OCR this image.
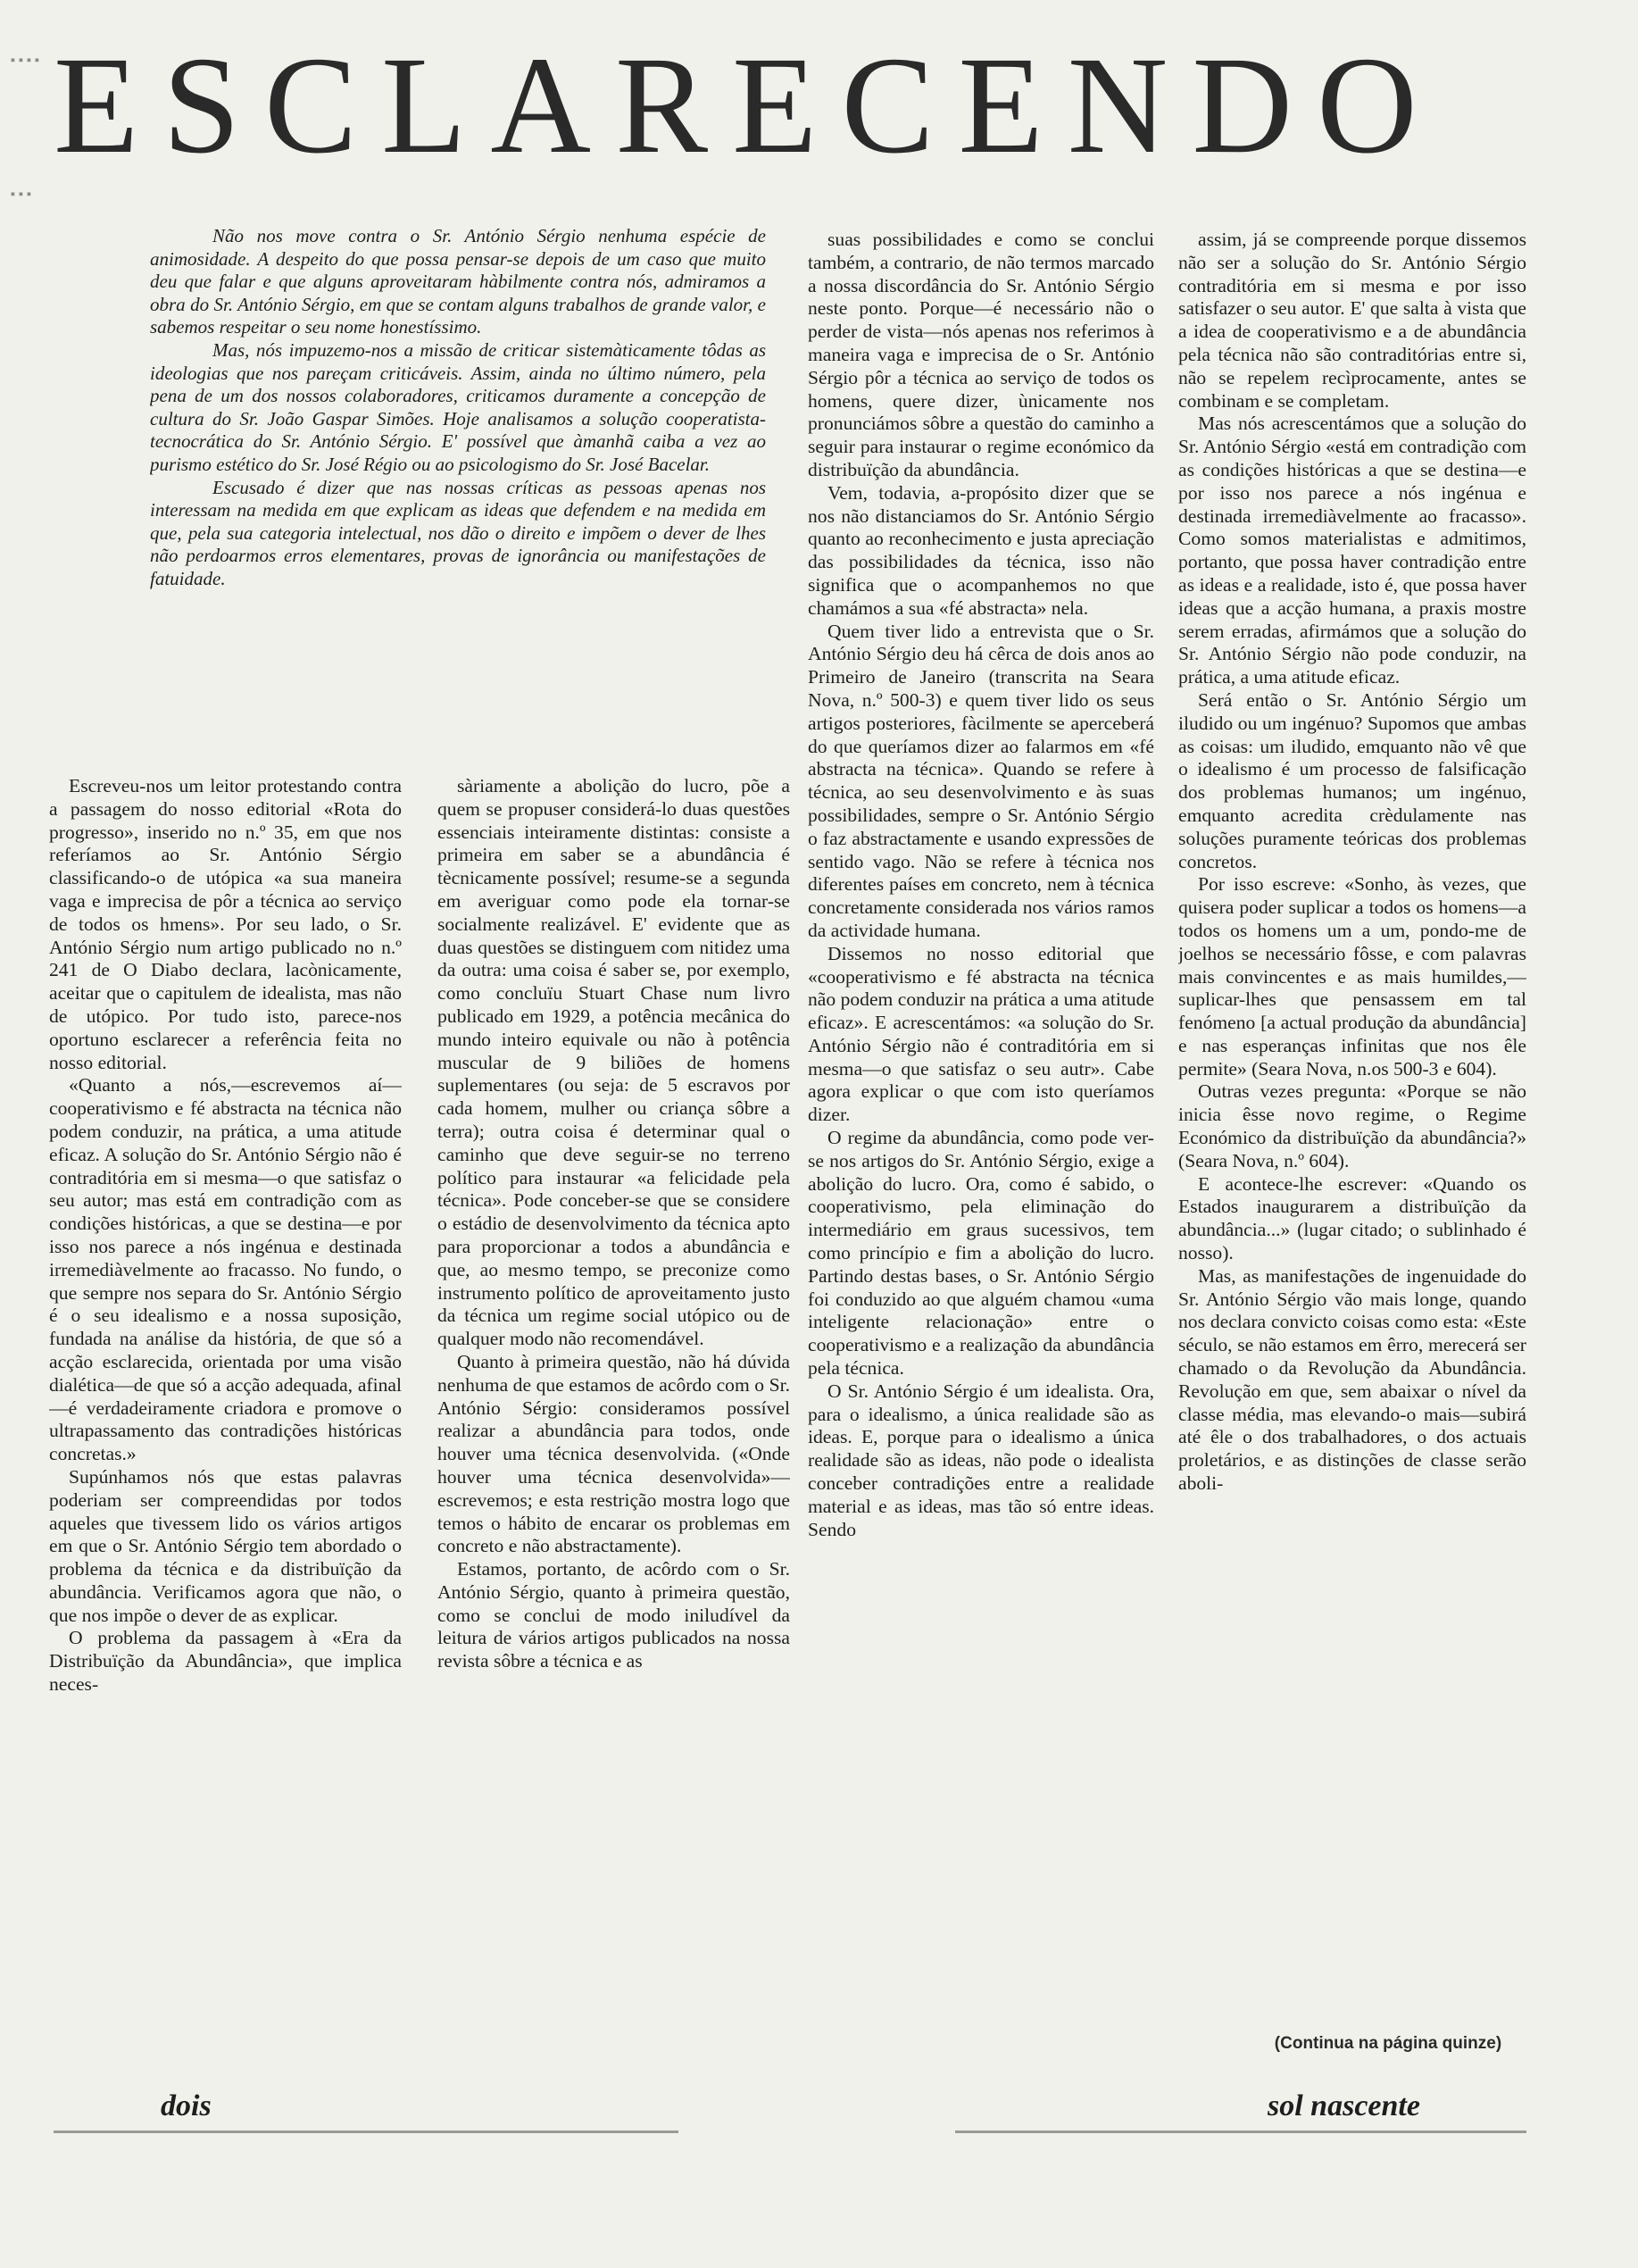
ESCLARECENDO
▪▪▪▪
▪▪▪

Não nos move contra o Sr. António Sérgio nenhuma espécie de animosidade. A despeito do que possa pensar-se depois de um caso que muito deu que falar e que alguns aproveitaram hàbilmente contra nós, admiramos a obra do Sr. António Sérgio, em que se contam alguns trabalhos de grande valor, e sabemos respeitar o seu nome honestíssimo.

Mas, nós impuzemo-nos a missão de criticar sistemàticamente tôdas as ideologias que nos pareçam criticáveis. Assim, ainda no último número, pela pena de um dos nossos colaboradores, criticamos duramente a concepção de cultura do Sr. João Gaspar Simões. Hoje analisamos a solução cooperatista-tecnocrática do Sr. António Sérgio. E' possível que àmanhã caiba a vez ao purismo estético do Sr. José Régio ou ao psicologismo do Sr. José Bacelar.

Escusado é dizer que nas nossas críticas as pessoas apenas nos interessam na medida em que explicam as ideas que defendem e na medida em que, pela sua categoria intelectual, nos dão o direito e impõem o dever de lhes não perdoarmos erros elementares, provas de ignorância ou manifestações de fatuidade.

Escreveu-nos um leitor protestando contra a passagem do nosso editorial «Rota do progresso», inserido no n.º 35, em que nos referíamos ao Sr. António Sérgio classificando-o de utópica «a sua maneira vaga e imprecisa de pôr a técnica ao serviço de todos os hmens». Por seu lado, o Sr. António Sérgio num artigo publicado no n.º 241 de O Diabo declara, lacònicamente, aceitar que o capitulem de idealista, mas não de utópico. Por tudo isto, parece-nos oportuno esclarecer a referência feita no nosso editorial.

«Quanto a nós,—escrevemos aí—cooperativismo e fé abstracta na técnica não podem conduzir, na prática, a uma atitude eficaz. A solução do Sr. António Sérgio não é contraditória em si mesma—o que satisfaz o seu autor; mas está em contradição com as condições históricas, a que se destina—e por isso nos parece a nós ingénua e destinada irremediàvelmente ao fracasso. No fundo, o que sempre nos separa do Sr. António Sérgio é o seu idealismo e a nossa suposição, fundada na análise da história, de que só a acção esclarecida, orientada por uma visão dialética—de que só a acção adequada, afinal—é verdadeiramente criadora e promove o ultrapassamento das contradições históricas concretas.»

Supúnhamos nós que estas palavras poderiam ser compreendidas por todos aqueles que tivessem lido os vários artigos em que o Sr. António Sérgio tem abordado o problema da técnica e da distribuïção da abundância. Verificamos agora que não, o que nos impõe o dever de as explicar.

O problema da passagem à «Era da Distribuïção da Abundância», que implica neces-

sàriamente a abolição do lucro, põe a quem se propuser considerá-lo duas questões essenciais inteiramente distintas: consiste a primeira em saber se a abundância é tècnicamente possível; resume-se a segunda em averiguar como pode ela tornar-se socialmente realizável. E' evidente que as duas questões se distinguem com nitidez uma da outra: uma coisa é saber se, por exemplo, como concluïu Stuart Chase num livro publicado em 1929, a potência mecânica do mundo inteiro equivale ou não à potência muscular de 9 biliões de homens suplementares (ou seja: de 5 escravos por cada homem, mulher ou criança sôbre a terra); outra coisa é determinar qual o caminho que deve seguir-se no terreno político para instaurar «a felicidade pela técnica». Pode conceber-se que se considere o estádio de desenvolvimento da técnica apto para proporcionar a todos a abundância e que, ao mesmo tempo, se preconize como instrumento político de aproveitamento justo da técnica um regime social utópico ou de qualquer modo não recomendável.

Quanto à primeira questão, não há dúvida nenhuma de que estamos de acôrdo com o Sr. António Sérgio: consideramos possível realizar a abundância para todos, onde houver uma técnica desenvolvida. («Onde houver uma técnica desenvolvida»—escrevemos; e esta restrição mostra logo que temos o hábito de encarar os problemas em concreto e não abstractamente).

Estamos, portanto, de acôrdo com o Sr. António Sérgio, quanto à primeira questão, como se conclui de modo iniludível da leitura de vários artigos publicados na nossa revista sôbre a técnica e as

suas possibilidades e como se conclui também, a contrario, de não termos marcado a nossa discordância do Sr. António Sérgio neste ponto. Porque—é necessário não o perder de vista—nós apenas nos referimos à maneira vaga e imprecisa de o Sr. António Sérgio pôr a técnica ao serviço de todos os homens, quere dizer, ùnicamente nos pronunciámos sôbre a questão do caminho a seguir para instaurar o regime económico da distribuïção da abundância.

Vem, todavia, a-propósito dizer que se nos não distanciamos do Sr. António Sérgio quanto ao reconhecimento e justa apreciação das possibilidades da técnica, isso não significa que o acompanhemos no que chamámos a sua «fé abstracta» nela.

Quem tiver lido a entrevista que o Sr. António Sérgio deu há cêrca de dois anos ao Primeiro de Janeiro (transcrita na Seara Nova, n.º 500-3) e quem tiver lido os seus artigos posteriores, fàcilmente se aperceberá do que queríamos dizer ao falarmos em «fé abstracta na técnica». Quando se refere à técnica, ao seu desenvolvimento e às suas possibilidades, sempre o Sr. António Sérgio o faz abstractamente e usando expressões de sentido vago. Não se refere à técnica nos diferentes países em concreto, nem à técnica concretamente considerada nos vários ramos da actividade humana.

Dissemos no nosso editorial que «cooperativismo e fé abstracta na técnica não podem conduzir na prática a uma atitude eficaz». E acrescentámos: «a solução do Sr. António Sérgio não é contraditória em si mesma—o que satisfaz o seu autr». Cabe agora explicar o que com isto queríamos dizer.

O regime da abundância, como pode ver-se nos artigos do Sr. António Sérgio, exige a abolição do lucro. Ora, como é sabido, o cooperativismo, pela eliminação do intermediário em graus sucessivos, tem como princípio e fim a abolição do lucro. Partindo destas bases, o Sr. António Sérgio foi conduzido ao que alguém chamou «uma inteligente relacionação» entre o cooperativismo e a realização da abundância pela técnica.

O Sr. António Sérgio é um idealista. Ora, para o idealismo, a única realidade são as ideas. E, porque para o idealismo a única realidade são as ideas, não pode o idealista conceber contradições entre a realidade material e as ideas, mas tão só entre ideas. Sendo

assim, já se compreende porque dissemos não ser a solução do Sr. António Sérgio contraditória em si mesma e por isso satisfazer o seu autor. E' que salta à vista que a idea de cooperativismo e a de abundância pela técnica não são contraditórias entre si, não se repelem recìprocamente, antes se combinam e se completam.

Mas nós acrescentámos que a solução do Sr. António Sérgio «está em contradição com as condições históricas a que se destina—e por isso nos parece a nós ingénua e destinada irremediàvelmente ao fracasso». Como somos materialistas e admitimos, portanto, que possa haver contradição entre as ideas e a realidade, isto é, que possa haver ideas que a acção humana, a praxis mostre serem erradas, afirmámos que a solução do Sr. António Sérgio não pode conduzir, na prática, a uma atitude eficaz.

Será então o Sr. António Sérgio um iludido ou um ingénuo? Supomos que ambas as coisas: um iludido, emquanto não vê que o idealismo é um processo de falsificação dos problemas humanos; um ingénuo, emquanto acredita crèdulamente nas soluções puramente teóricas dos problemas concretos.

Por isso escreve: «Sonho, às vezes, que quisera poder suplicar a todos os homens—a todos os homens um a um, pondo-me de joelhos se necessário fôsse, e com palavras mais convincentes e as mais humildes,—suplicar-lhes que pensassem em tal fenómeno [a actual produção da abundância] e nas esperanças infinitas que nos êle permite» (Seara Nova, n.os 500-3 e 604).

Outras vezes pregunta: «Porque se não inicia êsse novo regime, o Regime Económico da distribuïção da abundância?» (Seara Nova, n.º 604).

E acontece-lhe escrever: «Quando os Estados inaugurarem a distribuïção da abundância...» (lugar citado; o sublinhado é nosso).

Mas, as manifestações de ingenuidade do Sr. António Sérgio vão mais longe, quando nos declara convicto coisas como esta: «Este século, se não estamos em êrro, merecerá ser chamado o da Revolução da Abundância. Revolução em que, sem abaixar o nível da classe média, mas elevando-o mais—subirá até êle o dos trabalhadores, o dos actuais proletários, e as distinções de classe serão aboli-

(Continua na página quinze)
dois	sol nascente
